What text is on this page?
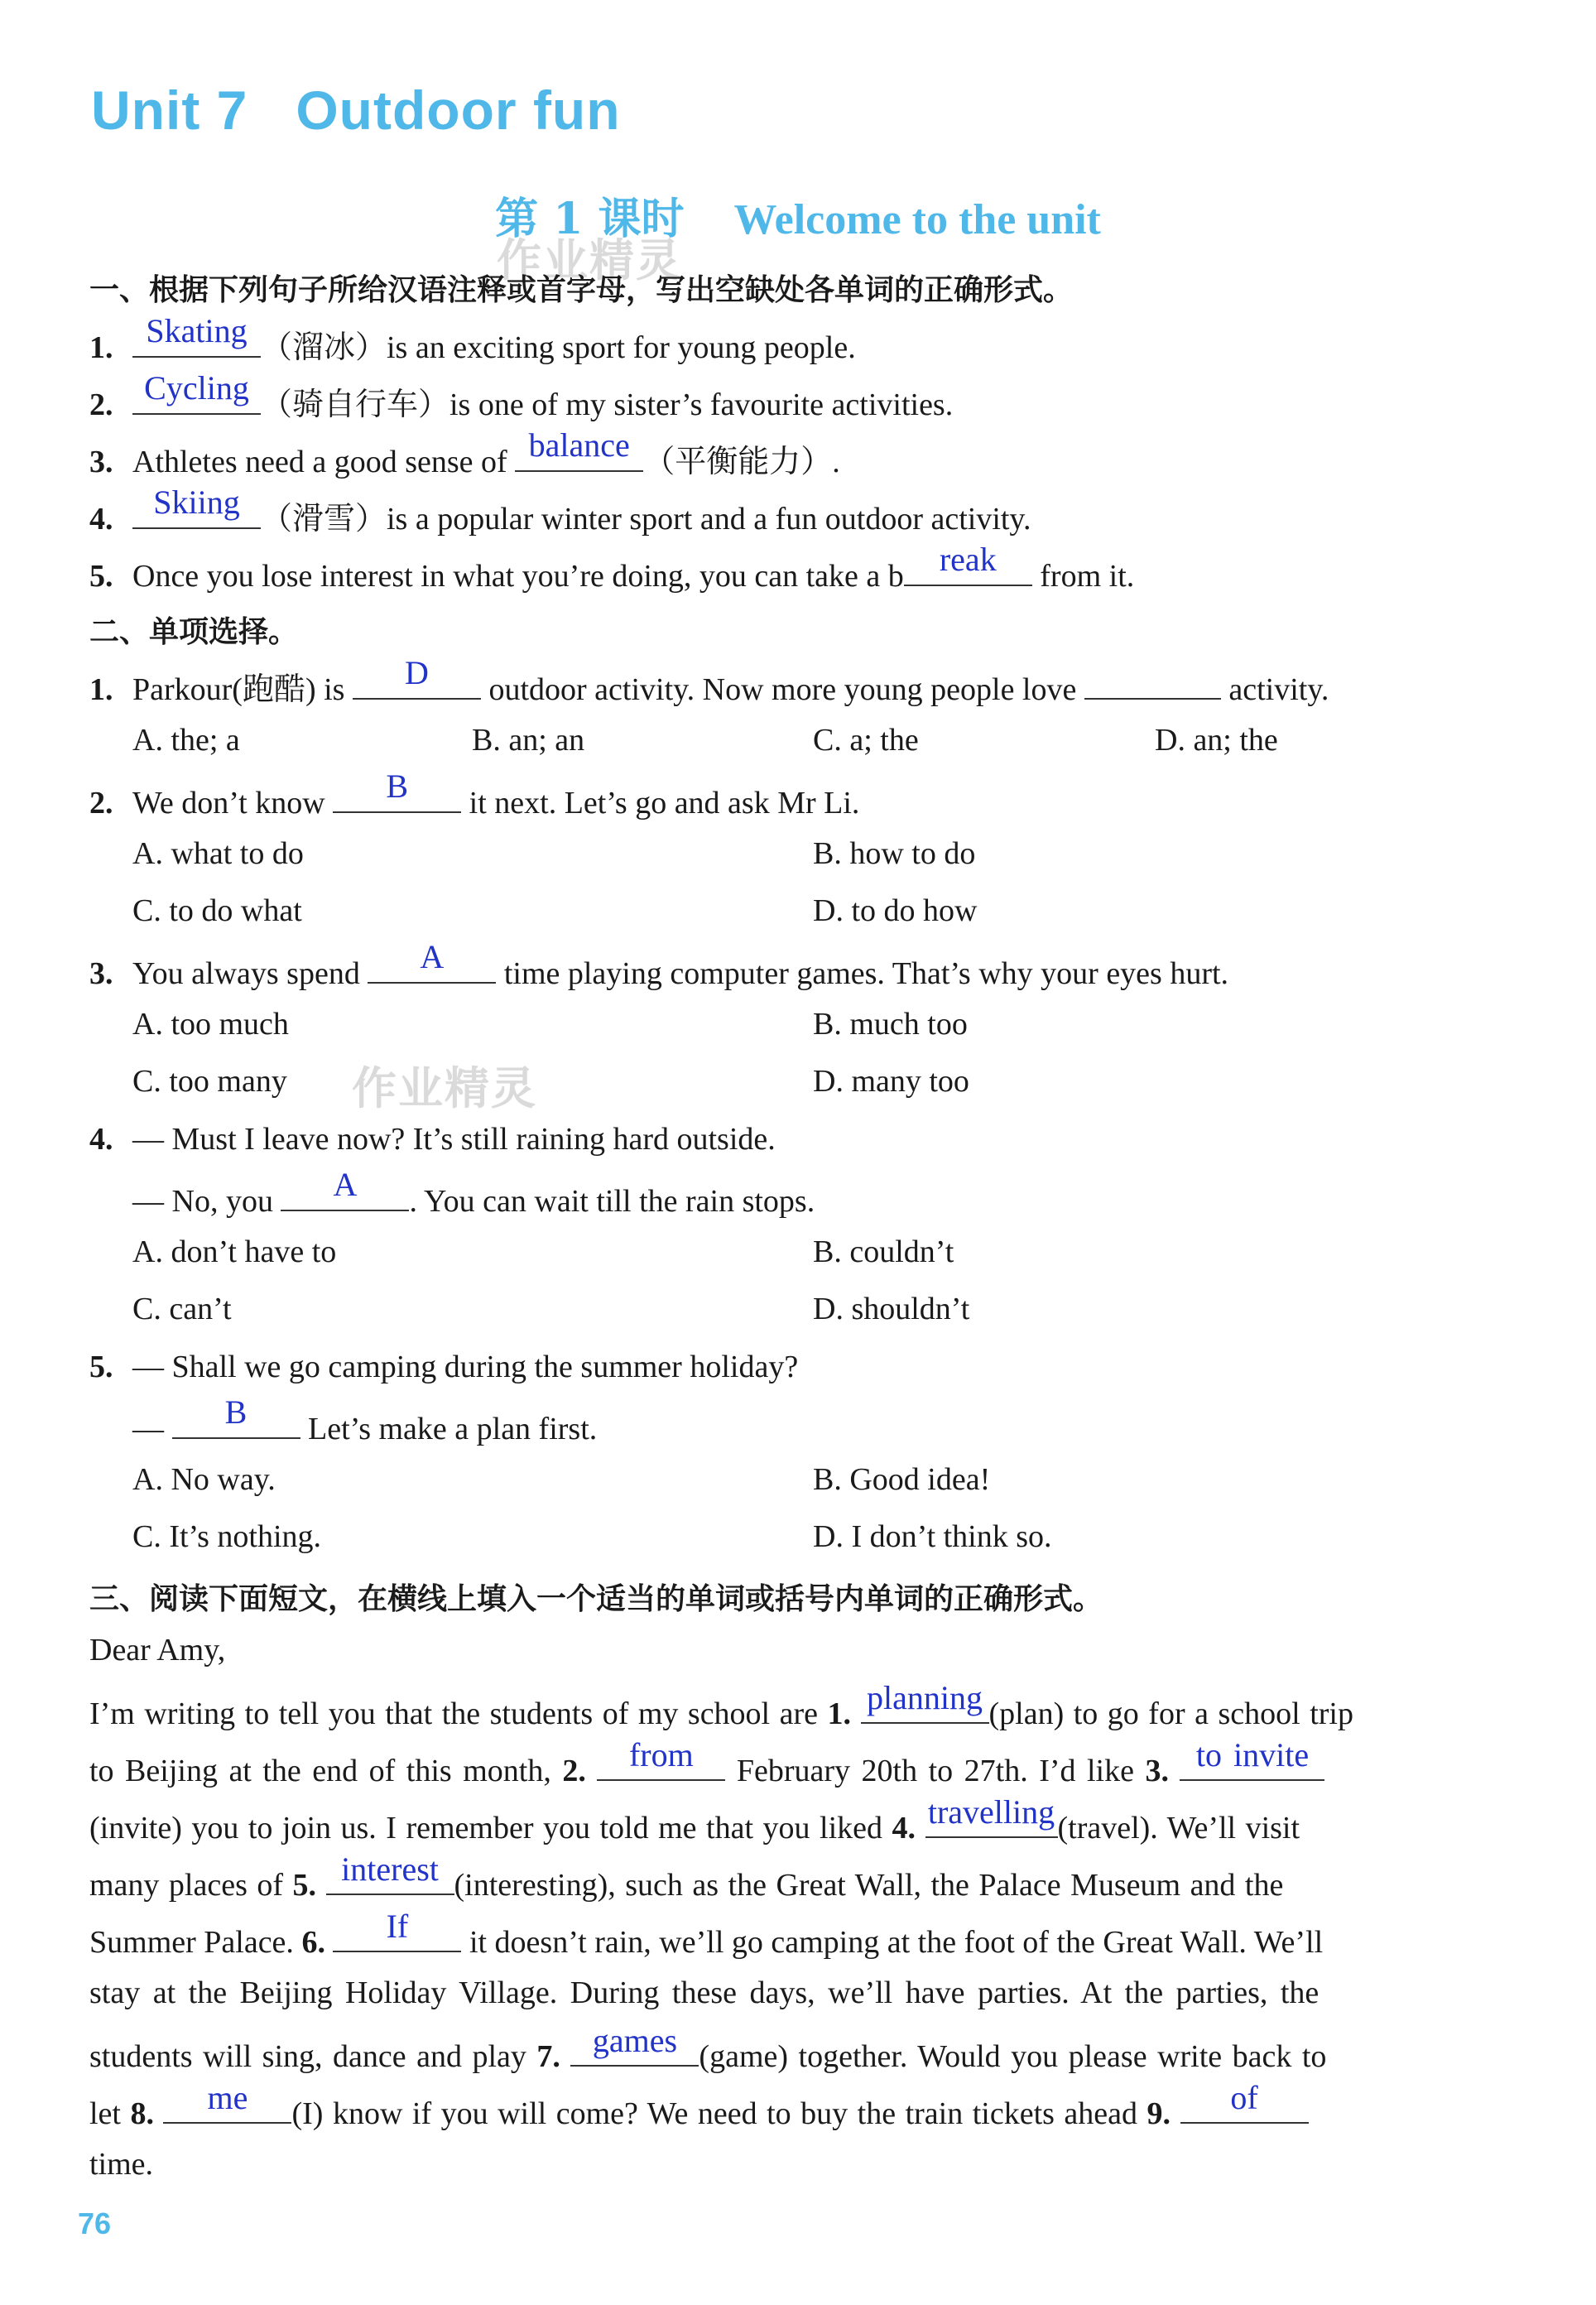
Unit 7   Outdoor fun
第 1 课时 Welcome to the unit
作业精灵
作业精灵
一、根据下列句子所给汉语注释或首字母，写出空缺处各单词的正确形式。
1. Skating （溜冰）is an exciting sport for young people.
2. Cycling （骑自行车）is one of my sister’s favourite activities.
3. Athletes need a good sense of balance （平衡能力）.
4.	Skiing （滑雪）is a popular winter sport and a fun outdoor activity.
5. Once you lose interest in what you’re doing, you can take a b	reak	from it.
二、单项选择。
1. Parkour(跑酷) is	D	outdoor activity. Now more young people love	activity.
A. the; a	B. an; an	C. a; the	D. an; the
2. We don’t know	B	it next. Let’s go and ask Mr Li.
A. what to do	B. how to do
C. to do what	D. to do how
3. You always spend	A	time playing computer games. That’s why your eyes hurt.
A. too much	B. much too
C. too many	D. many too
4. — Must I leave now? It’s still raining hard outside.
— No, you	A	. You can wait till the rain stops.
A. don’t have to	B. couldn’t
C. can’t	D. shouldn’t
5. — Shall we go camping during the summer holiday?
—	B	Let’s make a plan first.
A. No way.	B. Good idea!
C. It’s nothing.	D. I don’t think so.
三、阅读下面短文，在横线上填入一个适当的单词或括号内单词的正确形式。
Dear Amy,
I’m writing to tell you that the students of my school are 1. planning (plan) to go for a school trip
to Beijing at the end of this month, 2.	from	February 20th to 27th. I’d like 3. to invite
(invite) you to join us. I remember you told me that you liked 4. travelling (travel). We’ll visit
many places of 5. interest (interesting), such as the Great Wall, the Palace Museum and the
Summer Palace. 6.	If	it doesn’t rain, we’ll go camping at the foot of the Great Wall. We’ll
stay at the Beijing Holiday Village. During these days, we’ll have parties. At the parties, the
students will sing, dance and play 7. games (game) together. Would you please write back to
let 8.	me	(I) know if you will come? We need to buy the train tickets ahead 9.	of
time.
76
